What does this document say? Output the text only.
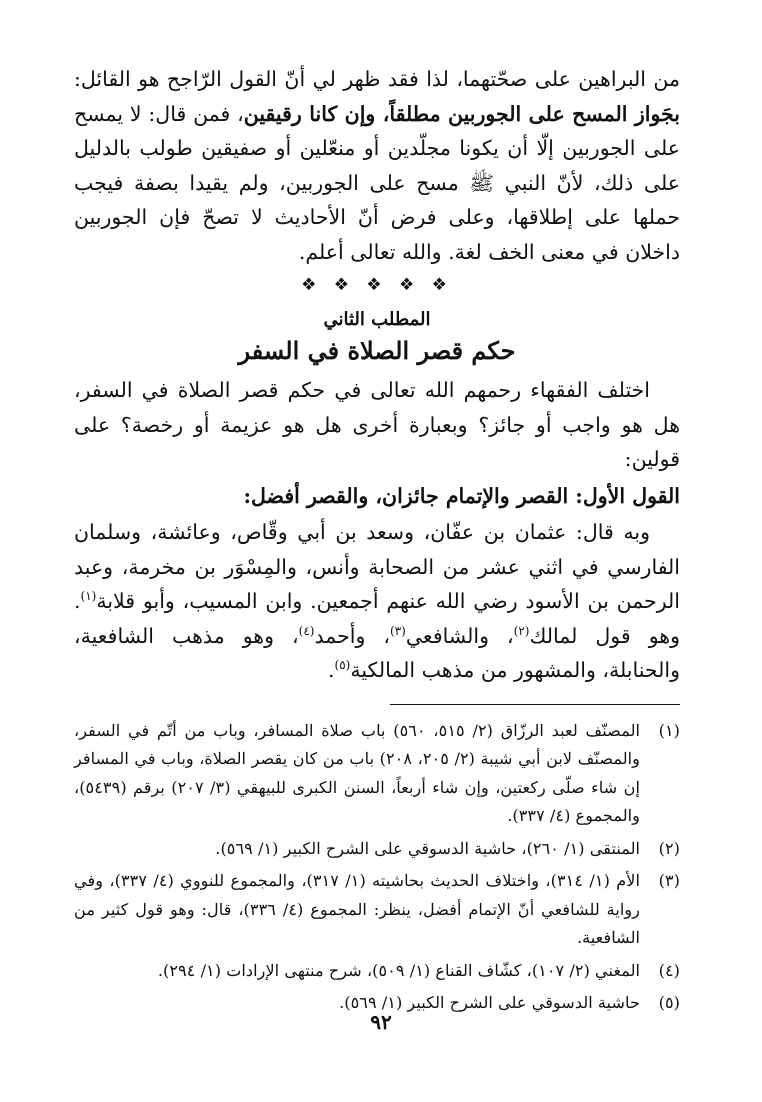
من البراهين على صحّتهما، لذا فقد ظهر لي أنّ القول الرّاجح هو القائل: بجَواز المسح على الجوربين مطلقاً، وإن كانا رقيقين، فمن قال: لا يمسح على الجوربين إلّا أن يكونا مجلّدين أو منعّلين أو صفيقين طولب بالدليل على ذلك، لأنّ النبي ﷺ مسح على الجوربين، ولم يقيدا بصفة فيجب حملها على إطلاقها، وعلى فرض أنّ الأحاديث لا تصحّ فإن الجوربين داخلان في معنى الخف لغة. والله تعالى أعلم.

❖ ❖ ❖ ❖ ❖
المطلب الثاني
حكم قصر الصلاة في السفر

اختلف الفقهاء رحمهم الله تعالى في حكم قصر الصلاة في السفر، هل هو واجب أو جائز؟ وبعبارة أخرى هل هو عزيمة أو رخصة؟ على قولين:

القول الأول: القصر والإتمام جائزان، والقصر أفضل:

وبه قال: عثمان بن عفّان، وسعد بن أبي وقّاص، وعائشة، وسلمان الفارسي في اثني عشر من الصحابة وأنس، والمِسْوَر بن مخرمة، وعبد الرحمن بن الأسود رضي الله عنهم أجمعين. وابن المسيب، وأبو قلابة$^{(١)}$. وهو قول لمالك$^{(٢)}$، والشافعي$^{(٣)}$، وأحمد$^{(٤)}$، وهو مذهب الشافعية، والحنابلة، والمشهور من مذهب المالكية$^{(٥)}$.

(١)
المصنّف لعبد الرزّاق (٢/ ٥١٥، ٥٦٠) باب صلاة المسافر، وباب من أتّم في السفر، والمصنّف لابن أبي شيبة (٢/ ٢٠٥، ٢٠٨) باب من كان يقصر الصلاة، وباب في المسافر إن شاء صلّى ركعتين، وإن شاء أربعاً، السنن الكبرى للبيهقي (٣/ ٢٠٧) برقم (٥٤٣٩)، والمجموع (٤/ ٣٣٧).
(٢)
المنتقى (١/ ٢٦٠)، حاشية الدسوقي على الشرح الكبير (١/ ٥٦٩).
(٣)
الأم (١/ ٣١٤)، واختلاف الحديث بحاشيته (١/ ٣١٧)، والمجموع للنووي (٤/ ٣٣٧)، وفي رواية للشافعي أنّ الإتمام أفضل، ينظر: المجموع (٤/ ٣٣٦)، قال: وهو قول كثير من الشافعية.
(٤)
المغني (٢/ ١٠٧)، كشّاف القناع (١/ ٥٠٩)، شرح منتهى الإرادات (١/ ٢٩٤).
(٥)
حاشية الدسوقي على الشرح الكبير (١/ ٥٦٩).
٩٢
